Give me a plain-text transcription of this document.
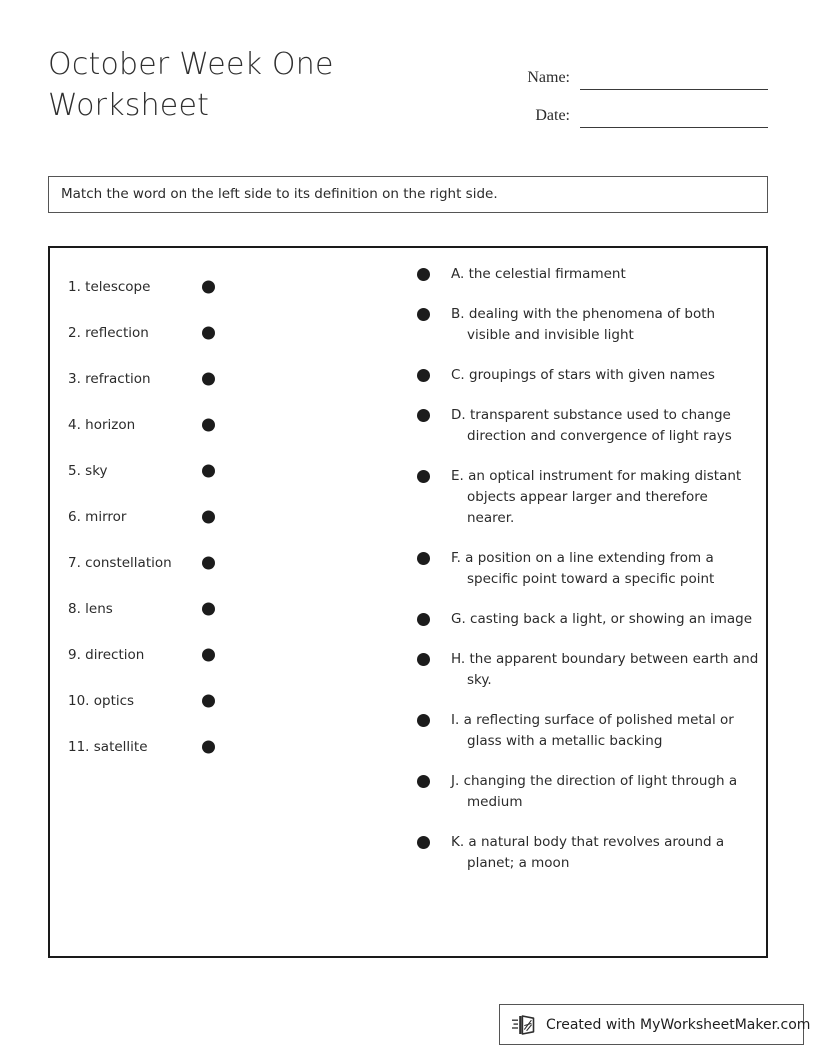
October Week One Worksheet
Name:
Date:
Match the word on the left side to its definition on the right side.
1. telescope
2. reflection
3. refraction
4. horizon
5. sky
6. mirror
7. constellation
8. lens
9. direction
10. optics
11. satellite
A. the celestial firmament
B. dealing with the phenomena of both visible and invisible light
C. groupings of stars with given names
D. transparent substance used to change direction and convergence of light rays
E. an optical instrument for making distant objects appear larger and therefore nearer.
F. a position on a line extending from a specific point toward a specific point
G. casting back a light, or showing an image
H. the apparent boundary between earth and sky.
I. a reflecting surface of polished metal or glass with a metallic backing
J. changing the direction of light through a medium
K. a natural body that revolves around a planet; a moon
Created with MyWorksheetMaker.com
